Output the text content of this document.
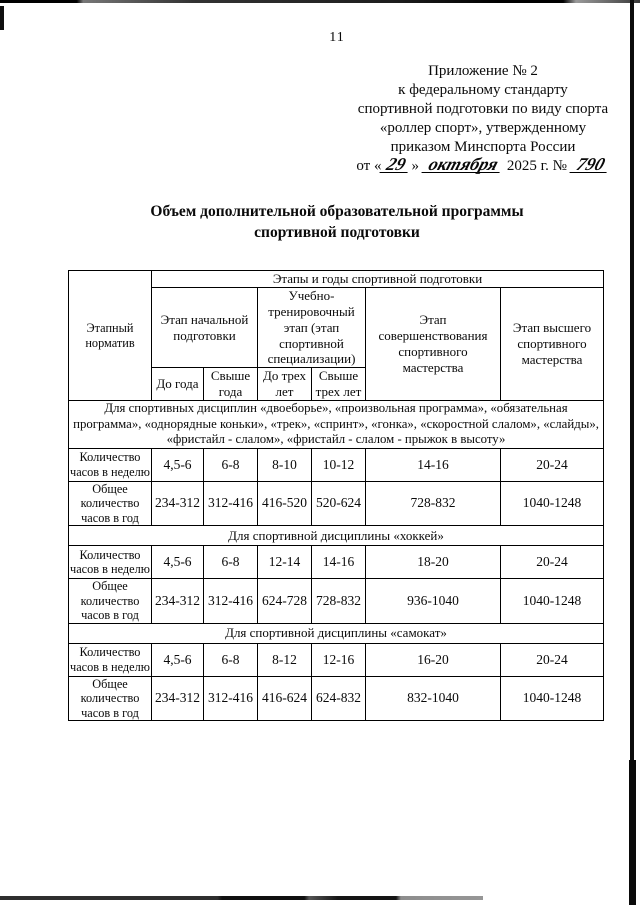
11
Приложение № 2
к федеральному стандарту
спортивной подготовки по виду спорта
«роллер спорт», утвержденному
приказом Минспорта России
от « 29 » октября 2025 г. № 790
Объем дополнительной образовательной программы
спортивной подготовки
Этапный норматив	Этапы и годы спортивной подготовки					
	Этап начальной подготовки		Учебно-тренировочный этап (этап спортивной специализации)		Этап совершенствования спортивного мастерства	Этап высшего спортивного мастерства
	До года	Свыше года	До трех лет	Свыше трех лет		
Для спортивных дисциплин «двоеборье», «произвольная программа», «обязательная программа», «однорядные коньки», «трек», «спринт», «гонка», «скоростной слалом», «слайды», «фристайл - слалом», «фристайл - слалом - прыжок в высоту»						
Количество часов в неделю	4,5-6	6-8	8-10	10-12	14-16	20-24
Общее количество часов в год	234-312	312-416	416-520	520-624	728-832	1040-1248
Для спортивной дисциплины «хоккей»						
Количество часов в неделю	4,5-6	6-8	12-14	14-16	18-20	20-24
Общее количество часов в год	234-312	312-416	624-728	728-832	936-1040	1040-1248
Для спортивной дисциплины «самокат»						
Количество часов в неделю	4,5-6	6-8	8-12	12-16	16-20	20-24
Общее количество часов в год	234-312	312-416	416-624	624-832	832-1040	1040-1248
